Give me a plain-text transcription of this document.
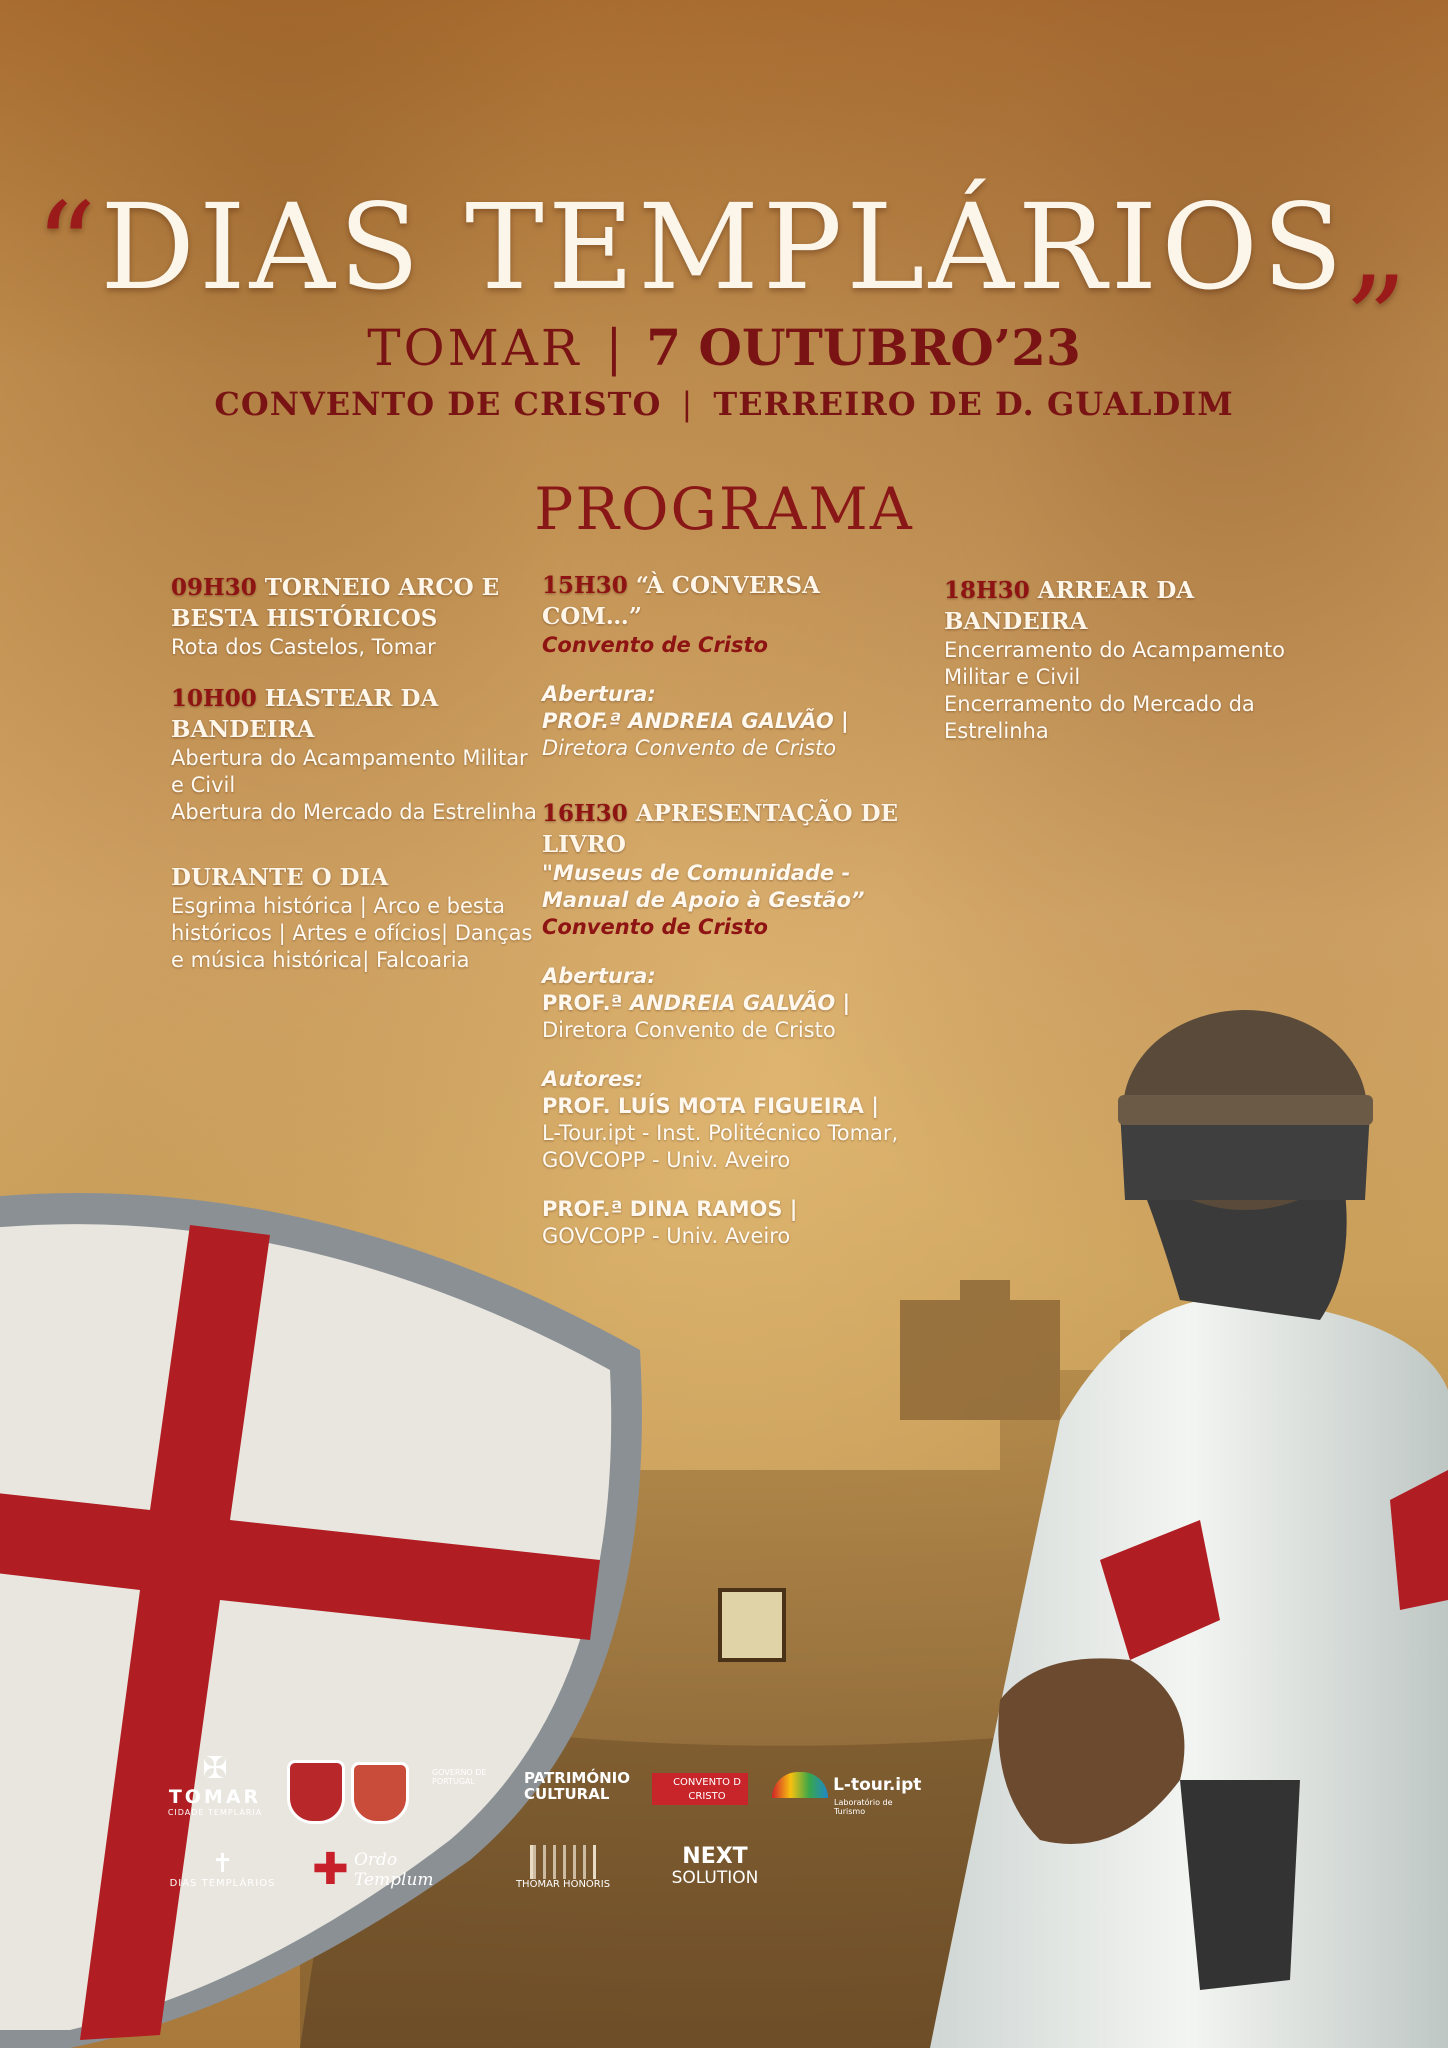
“DIAS TEMPLÁRIOS„
TOMAR | 7 OUTUBRO’23
CONVENTO DE CRISTO | TERREIRO DE D. GUALDIM
PROGRAMA
09H30 TORNEIO ARCO E BESTA HISTÓRICOS
Rota dos Castelos, Tomar
10H00 HASTEAR DA BANDEIRA
Abertura do Acampamento Militar e Civil
Abertura do Mercado da Estrelinha
DURANTE O DIA
Esgrima histórica | Arco e besta históricos | Artes e ofícios| Danças e música histórica| Falcoaria
15H30 “À CONVERSA COM…”
Convento de Cristo
Abertura:
PROF.ª ANDREIA GALVÃO |
Diretora Convento de Cristo
16H30 APRESENTAÇÃO DE LIVRO
"Museus de Comunidade - Manual de Apoio à Gestão”
Convento de Cristo
Abertura:
PROF.ª ANDREIA GALVÃO |
Diretora Convento de Cristo
Autores:
PROF. LUÍS MOTA FIGUEIRA |
L-Tour.ipt - Inst. Politécnico Tomar, GOVCOPP - Univ. Aveiro
PROF.ª DINA RAMOS |
GOVCOPP - Univ. Aveiro
18H30 ARREAR DA BANDEIRA
Encerramento do Acampamento Militar e Civil
Encerramento do Mercado da Estrelinha
✠
TOMAR
CIDADE TEMPLÁRIA
GOVERNO DE PORTUGAL	PATRIMÓNIO CULTURAL
CONVENTO D CRISTO
L-tour.ipt
Laboratório de Turismo
✝
DIAS TEMPLÁRIOS ✚ Ordo
Templum	THOMAR HONORIS
NEXT
SOLUTION
